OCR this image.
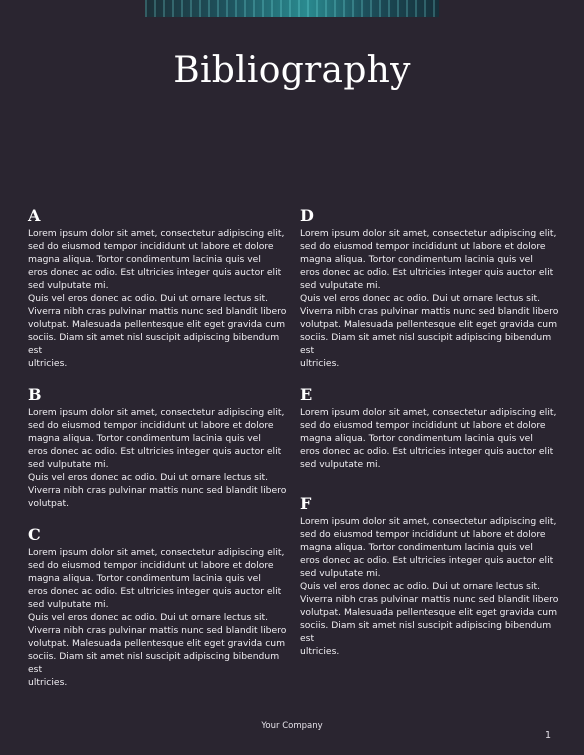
Bibliography
A

Lorem ipsum dolor sit amet, consectetur adipiscing elit,
sed do eiusmod tempor incididunt ut labore et dolore
magna aliqua. Tortor condimentum lacinia quis vel
eros donec ac odio. Est ultricies integer quis auctor elit
sed vulputate mi.
Quis vel eros donec ac odio. Dui ut ornare lectus sit.
Viverra nibh cras pulvinar mattis nunc sed blandit libero
volutpat. Malesuada pellentesque elit eget gravida cum
sociis. Diam sit amet nisl suscipit adipiscing bibendum est
ultricies.

B

Lorem ipsum dolor sit amet, consectetur adipiscing elit,
sed do eiusmod tempor incididunt ut labore et dolore
magna aliqua. Tortor condimentum lacinia quis vel
eros donec ac odio. Est ultricies integer quis auctor elit
sed vulputate mi.
Quis vel eros donec ac odio. Dui ut ornare lectus sit.
Viverra nibh cras pulvinar mattis nunc sed blandit libero
volutpat.

C

Lorem ipsum dolor sit amet, consectetur adipiscing elit,
sed do eiusmod tempor incididunt ut labore et dolore
magna aliqua. Tortor condimentum lacinia quis vel
eros donec ac odio. Est ultricies integer quis auctor elit
sed vulputate mi.
Quis vel eros donec ac odio. Dui ut ornare lectus sit.
Viverra nibh cras pulvinar mattis nunc sed blandit libero
volutpat. Malesuada pellentesque elit eget gravida cum
sociis. Diam sit amet nisl suscipit adipiscing bibendum est
ultricies.

D

Lorem ipsum dolor sit amet, consectetur adipiscing elit,
sed do eiusmod tempor incididunt ut labore et dolore
magna aliqua. Tortor condimentum lacinia quis vel
eros donec ac odio. Est ultricies integer quis auctor elit
sed vulputate mi.
Quis vel eros donec ac odio. Dui ut ornare lectus sit.
Viverra nibh cras pulvinar mattis nunc sed blandit libero
volutpat. Malesuada pellentesque elit eget gravida cum
sociis. Diam sit amet nisl suscipit adipiscing bibendum est
ultricies.

E

Lorem ipsum dolor sit amet, consectetur adipiscing elit,
sed do eiusmod tempor incididunt ut labore et dolore
magna aliqua. Tortor condimentum lacinia quis vel
eros donec ac odio. Est ultricies integer quis auctor elit
sed vulputate mi.

F

Lorem ipsum dolor sit amet, consectetur adipiscing elit,
sed do eiusmod tempor incididunt ut labore et dolore
magna aliqua. Tortor condimentum lacinia quis vel
eros donec ac odio. Est ultricies integer quis auctor elit
sed vulputate mi.
Quis vel eros donec ac odio. Dui ut ornare lectus sit.
Viverra nibh cras pulvinar mattis nunc sed blandit libero
volutpat. Malesuada pellentesque elit eget gravida cum
sociis. Diam sit amet nisl suscipit adipiscing bibendum est
ultricies.

Your Company

1
